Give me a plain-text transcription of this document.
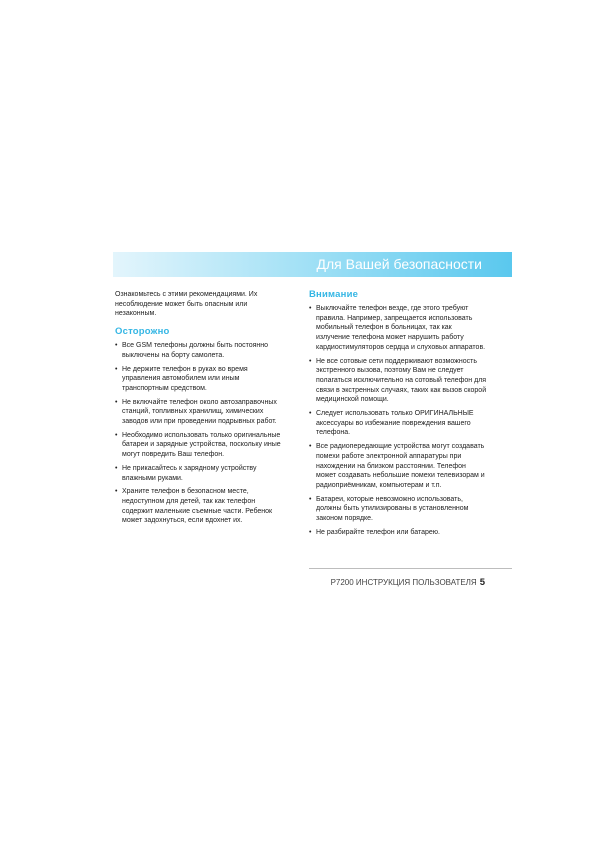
Для Вашей безопасности

Ознакомьтесь с этими рекомендациями. Их несоблюдение может быть опасным или незаконным.

Осторожно
• Все GSM телефоны должны быть постоянно выключены на борту самолета.
• Не держите телефон в руках во время управления автомобилем или иным транспортным средством.
• Не включайте телефон около автозаправочных станций, топливных хранилищ, химических заводов или при проведении подрывных работ.
• Необходимо использовать только оригинальные батареи и зарядные устройства, поскольку иные могут повредить Ваш телефон.
• Не прикасайтесь к зарядному устройству влажными руками.
• Храните телефон в безопасном месте, недоступном для детей, так как телефон содержит маленькие съемные части. Ребенок может задохнуться, если вдохнет их.
Внимание
• Выключайте телефон везде, где этого требуют правила. Например, запрещается использовать мобильный телефон в больницах, так как излучение телефона может нарушить работу кардиостимуляторов сердца и слуховых аппаратов.
• Не все сотовые сети поддерживают возможность экстренного вызова, поэтому Вам не следует полагаться исключительно на сотовый телефон для связи в экстренных случаях, таких как вызов скорой медицинской помощи.
• Следует использовать только ОРИГИНАЛЬНЫЕ аксессуары во избежание повреждения вашего телефона.
• Все радиопередающие устройства могут создавать помехи работе электронной аппаратуры при нахождении на близком расстоянии. Телефон может создавать небольшие помехи телевизорам и радиоприёмникам, компьютерам и т.п.
• Батареи, которые невозможно использовать, должны быть утилизированы в установленном законом порядке.
• Не разбирайте телефон или батарею.
P7200 ИНСТРУКЦИЯ ПОЛЬЗОВАТЕЛЯ 5
